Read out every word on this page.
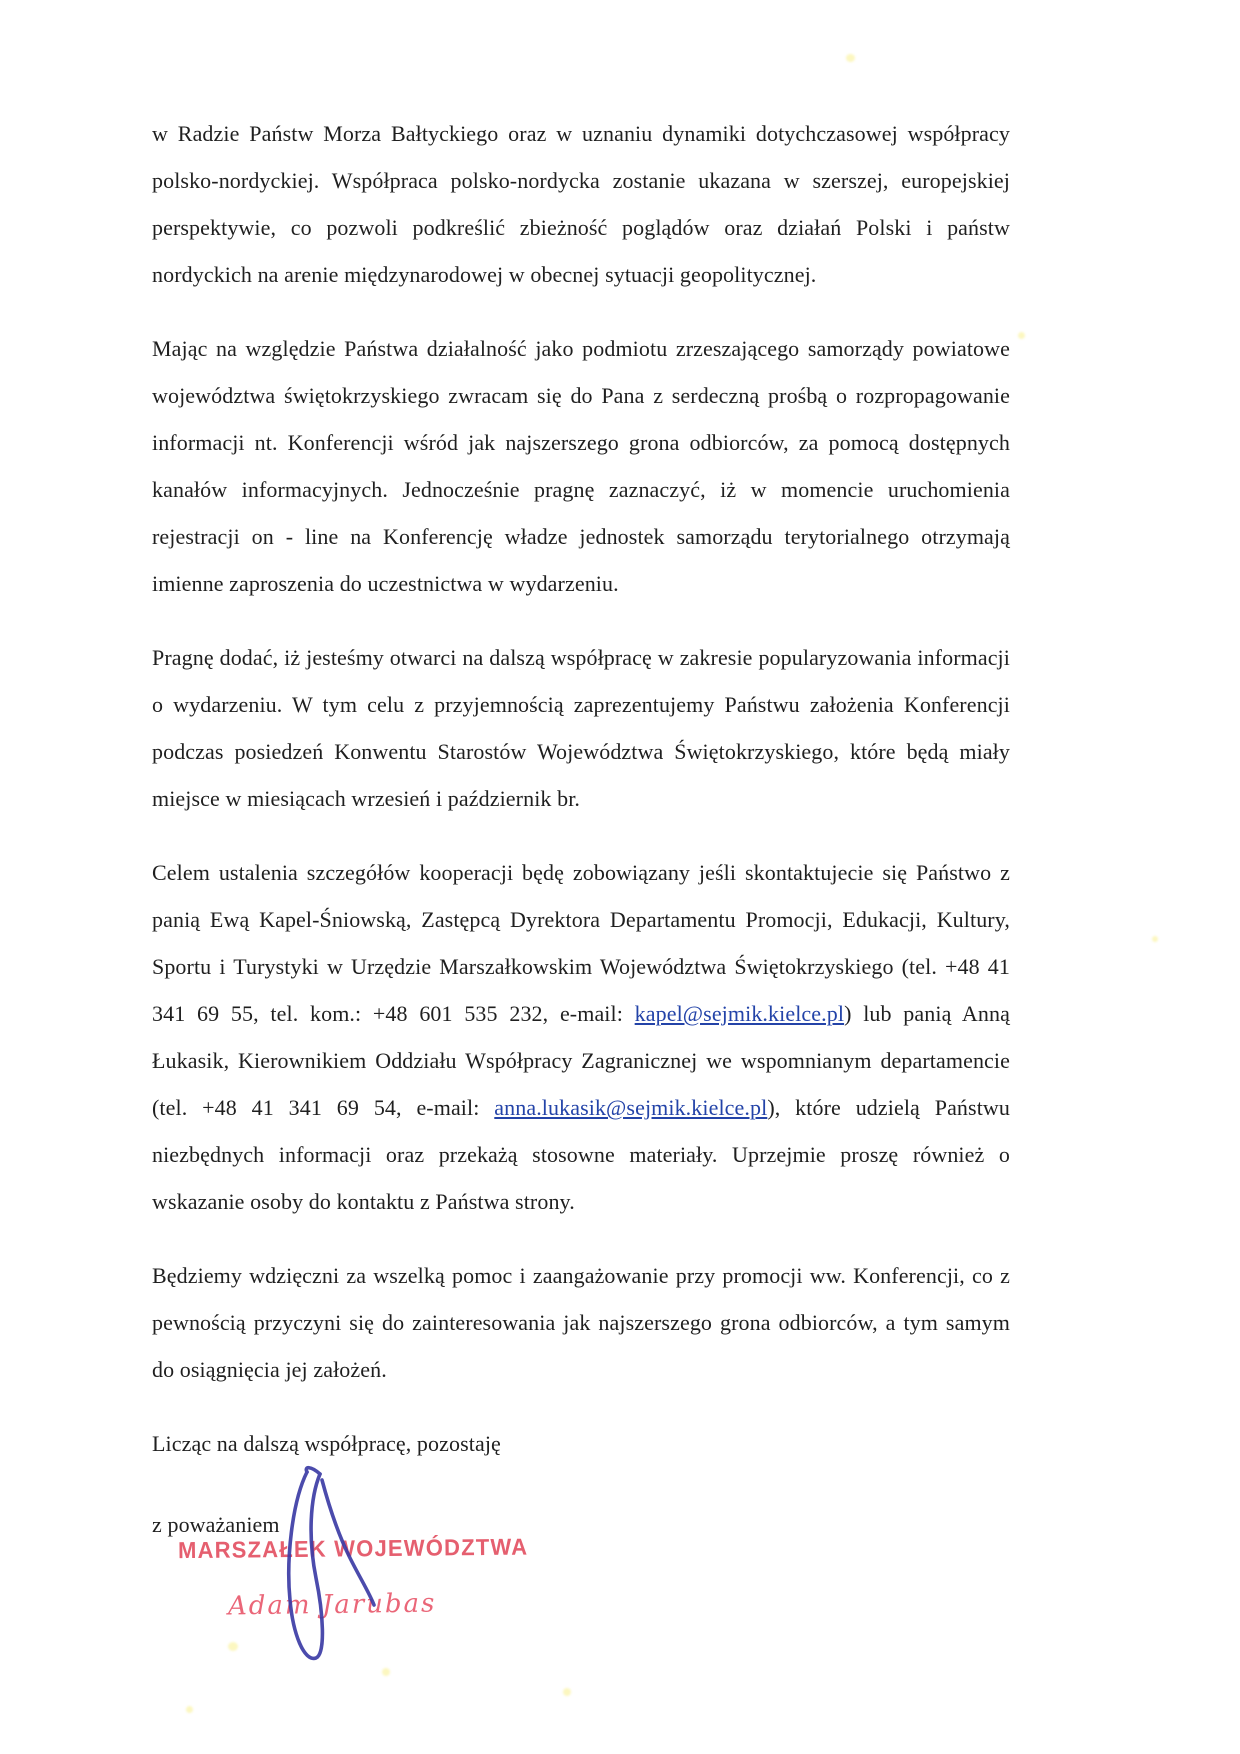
w Radzie Państw Morza Bałtyckiego oraz w uznaniu dynamiki dotychczasowej współpracy polsko-nordyckiej. Współpraca polsko-nordycka zostanie ukazana w szerszej, europejskiej perspektywie, co pozwoli podkreślić zbieżność poglądów oraz działań Polski i państw nordyckich na arenie międzynarodowej w obecnej sytuacji geopolitycznej.

Mając na względzie Państwa działalność jako podmiotu zrzeszającego samorządy powiatowe województwa świętokrzyskiego zwracam się do Pana z serdeczną prośbą o rozpropagowanie informacji nt. Konferencji wśród jak najszerszego grona odbiorców, za pomocą dostępnych kanałów informacyjnych. Jednocześnie pragnę zaznaczyć, iż w momencie uruchomienia rejestracji on - line na Konferencję władze jednostek samorządu terytorialnego otrzymają imienne zaproszenia do uczestnictwa w wydarzeniu.

Pragnę dodać, iż jesteśmy otwarci na dalszą współpracę w zakresie popularyzowania informacji o wydarzeniu. W tym celu z przyjemnością zaprezentujemy Państwu założenia Konferencji podczas posiedzeń Konwentu Starostów Województwa Świętokrzyskiego, które będą miały miejsce w miesiącach wrzesień i październik br.

Celem ustalenia szczegółów kooperacji będę zobowiązany jeśli skontaktujecie się Państwo z panią Ewą Kapel-Śniowską, Zastępcą Dyrektora Departamentu Promocji, Edukacji, Kultury, Sportu i Turystyki w Urzędzie Marszałkowskim Województwa Świętokrzyskiego (tel. +48 41 341 69 55, tel. kom.: +48 601 535 232, e-mail: kapel@sejmik.kielce.pl) lub panią Anną Łukasik, Kierownikiem Oddziału Współpracy Zagranicznej we wspomnianym departamencie (tel. +48 41 341 69 54, e-mail: anna.lukasik@sejmik.kielce.pl), które udzielą Państwu niezbędnych informacji oraz przekażą stosowne materiały. Uprzejmie proszę również o wskazanie osoby do kontaktu z Państwa strony.

Będziemy wdzięczni za wszelką pomoc i zaangażowanie przy promocji ww. Konferencji, co z pewnością przyczyni się do zainteresowania jak najszerszego grona odbiorców, a tym samym do osiągnięcia jej założeń.

Licząc na dalszą współpracę, pozostaję

z poważaniem

MARSZAŁEK WOJEWÓDZTWA
Adam Jarubas
